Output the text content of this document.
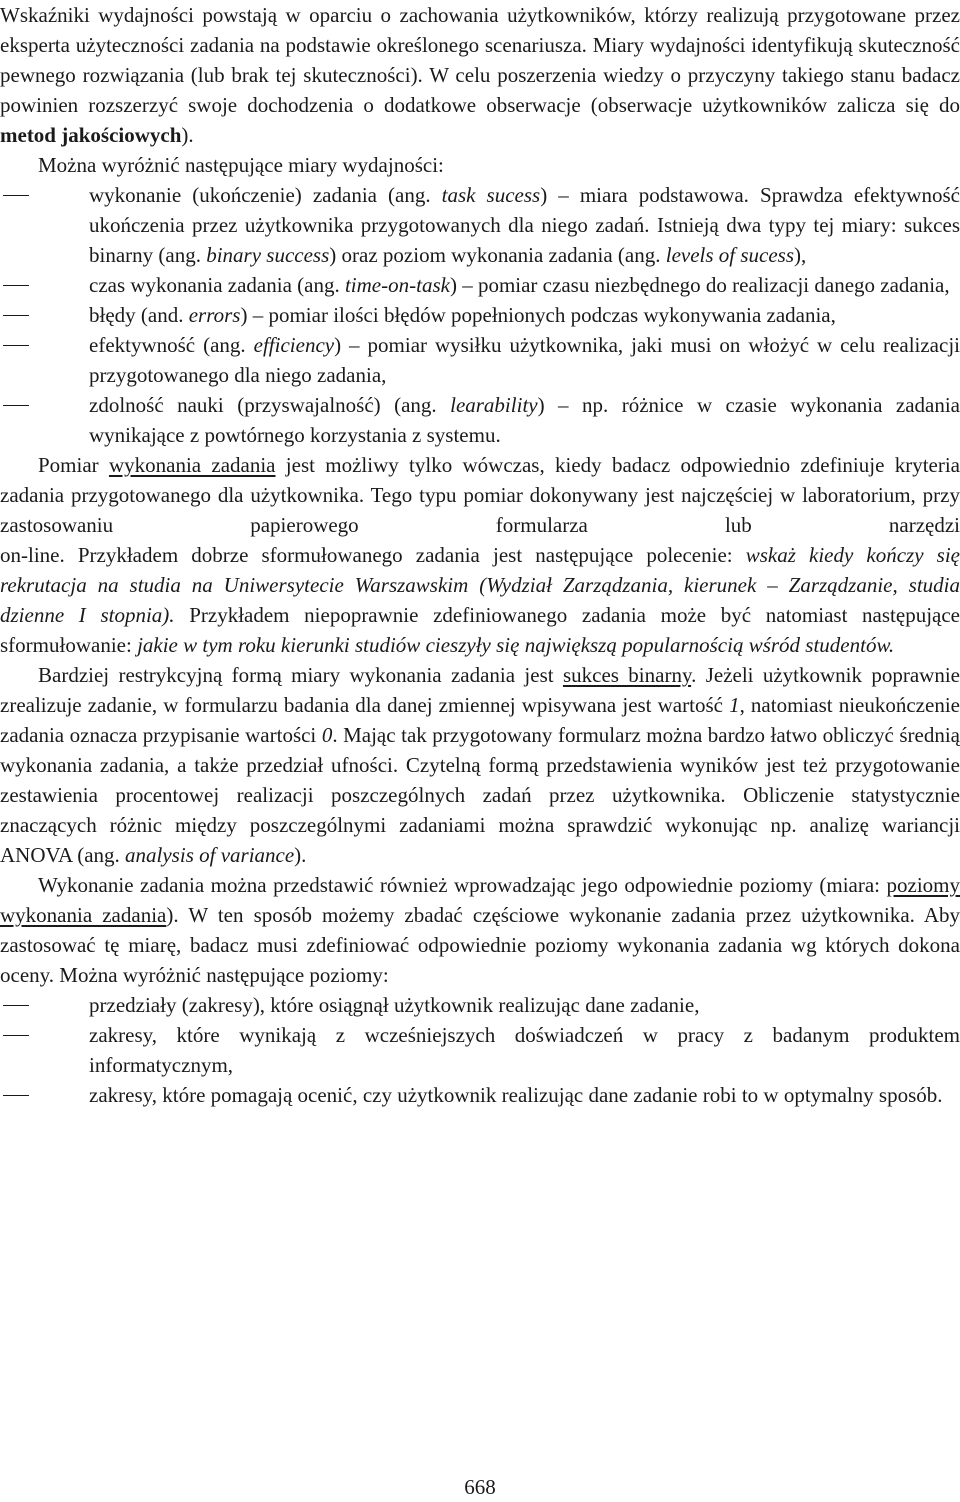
Wskaźniki wydajności powstają w oparciu o zachowania użytkowników, którzy realizują przygotowane przez eksperta użyteczności zadania na podstawie określonego scenariusza. Miary wydajności identyfikują skuteczność pewnego rozwiązania (lub brak tej skuteczności). W celu poszerzenia wiedzy o przyczyny takiego stanu badacz powinien rozszerzyć swoje dochodzenia o dodatkowe obserwacje (obserwacje użytkowników zalicza się do metod jakościowych).

Można wyróżnić następujące miary wydajności:

wykonanie (ukończenie) zadania (ang. task sucess) – miara podstawowa. Sprawdza efektywność ukończenia przez użytkownika przygotowanych dla niego zadań. Istnieją dwa typy tej miary: sukces binarny (ang. binary success) oraz poziom wykonania zadania (ang. levels of sucess),
czas wykonania zadania (ang. time-on-task) – pomiar czasu niezbędnego do realizacji danego zadania,
błędy (and. errors) – pomiar ilości błędów popełnionych podczas wykonywania zadania,
efektywność (ang. efficiency) – pomiar wysiłku użytkownika, jaki musi on włożyć w celu realizacji przygotowanego dla niego zadania,
zdolność nauki (przyswajalność) (ang. learability) – np. różnice w czasie wykonania zadania wynikające z powtórnego korzystania z systemu.

Pomiar wykonania zadania jest możliwy tylko wówczas, kiedy badacz odpowiednio zdefiniuje kryteria zadania przygotowanego dla użytkownika. Tego typu pomiar dokonywany jest najczęściej w laboratorium, przy zastosowaniu papierowego formularza lub narzędzi

on-line. Przykładem dobrze sformułowanego zadania jest następujące polecenie: wskaż kiedy kończy się rekrutacja na studia na Uniwersytecie Warszawskim (Wydział Zarządzania, kierunek – Zarządzanie, studia dzienne I stopnia). Przykładem niepoprawnie zdefiniowanego zadania może być natomiast następujące sformułowanie: jakie w tym roku kierunki studiów cieszyły się największą popularnością wśród studentów.

Bardziej restrykcyjną formą miary wykonania zadania jest sukces binarny. Jeżeli użytkownik poprawnie zrealizuje zadanie, w formularzu badania dla danej zmiennej wpisywana jest wartość 1, natomiast nieukończenie zadania oznacza przypisanie wartości 0. Mając tak przygotowany formularz można bardzo łatwo obliczyć średnią wykonania zadania, a także przedział ufności. Czytelną formą przedstawienia wyników jest też przygotowanie zestawienia procentowej realizacji poszczególnych zadań przez użytkownika. Obliczenie statystycznie znaczących różnic między poszczególnymi zadaniami można sprawdzić wykonując np. analizę wariancji ANOVA (ang. analysis of variance).

Wykonanie zadania można przedstawić również wprowadzając jego odpowiednie poziomy (miara: poziomy wykonania zadania). W ten sposób możemy zbadać częściowe wykonanie zadania przez użytkownika. Aby zastosować tę miarę, badacz musi zdefiniować odpowiednie poziomy wykonania zadania wg których dokona oceny. Można wyróżnić następujące poziomy:

przedziały (zakresy), które osiągnął użytkownik realizując dane zadanie,
zakresy, które wynikają z wcześniejszych doświadczeń w pracy z badanym produktem informatycznym,
zakresy, które pomagają ocenić, czy użytkownik realizując dane zadanie robi to w optymalny sposób.
668
